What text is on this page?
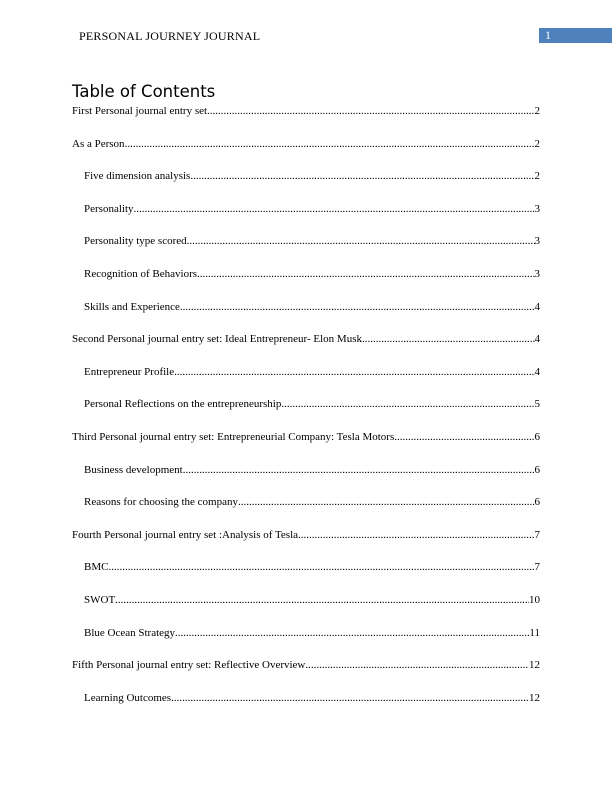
PERSONAL JOURNEY JOURNAL	1
Table of Contents
First Personal journal entry set .....	2
As a Person .....	2
Five dimension analysis .....	2
Personality .....	3
Personality type scored .....	3
Recognition of Behaviors .....	3
Skills and Experience .....	4
Second Personal journal entry set: Ideal Entrepreneur- Elon Musk .....	4
Entrepreneur Profile .....	4
Personal Reflections on the entrepreneurship .....	5
Third Personal journal entry set: Entrepreneurial Company: Tesla Motors .....	6
Business development .....	6
Reasons for choosing the company .....	6
Fourth Personal journal entry set :Analysis of Tesla .....	7
BMC .....	7
SWOT .....	10
Blue Ocean Strategy .....	11
Fifth Personal journal entry set: Reflective Overview .....	12
Learning Outcomes .....	12
